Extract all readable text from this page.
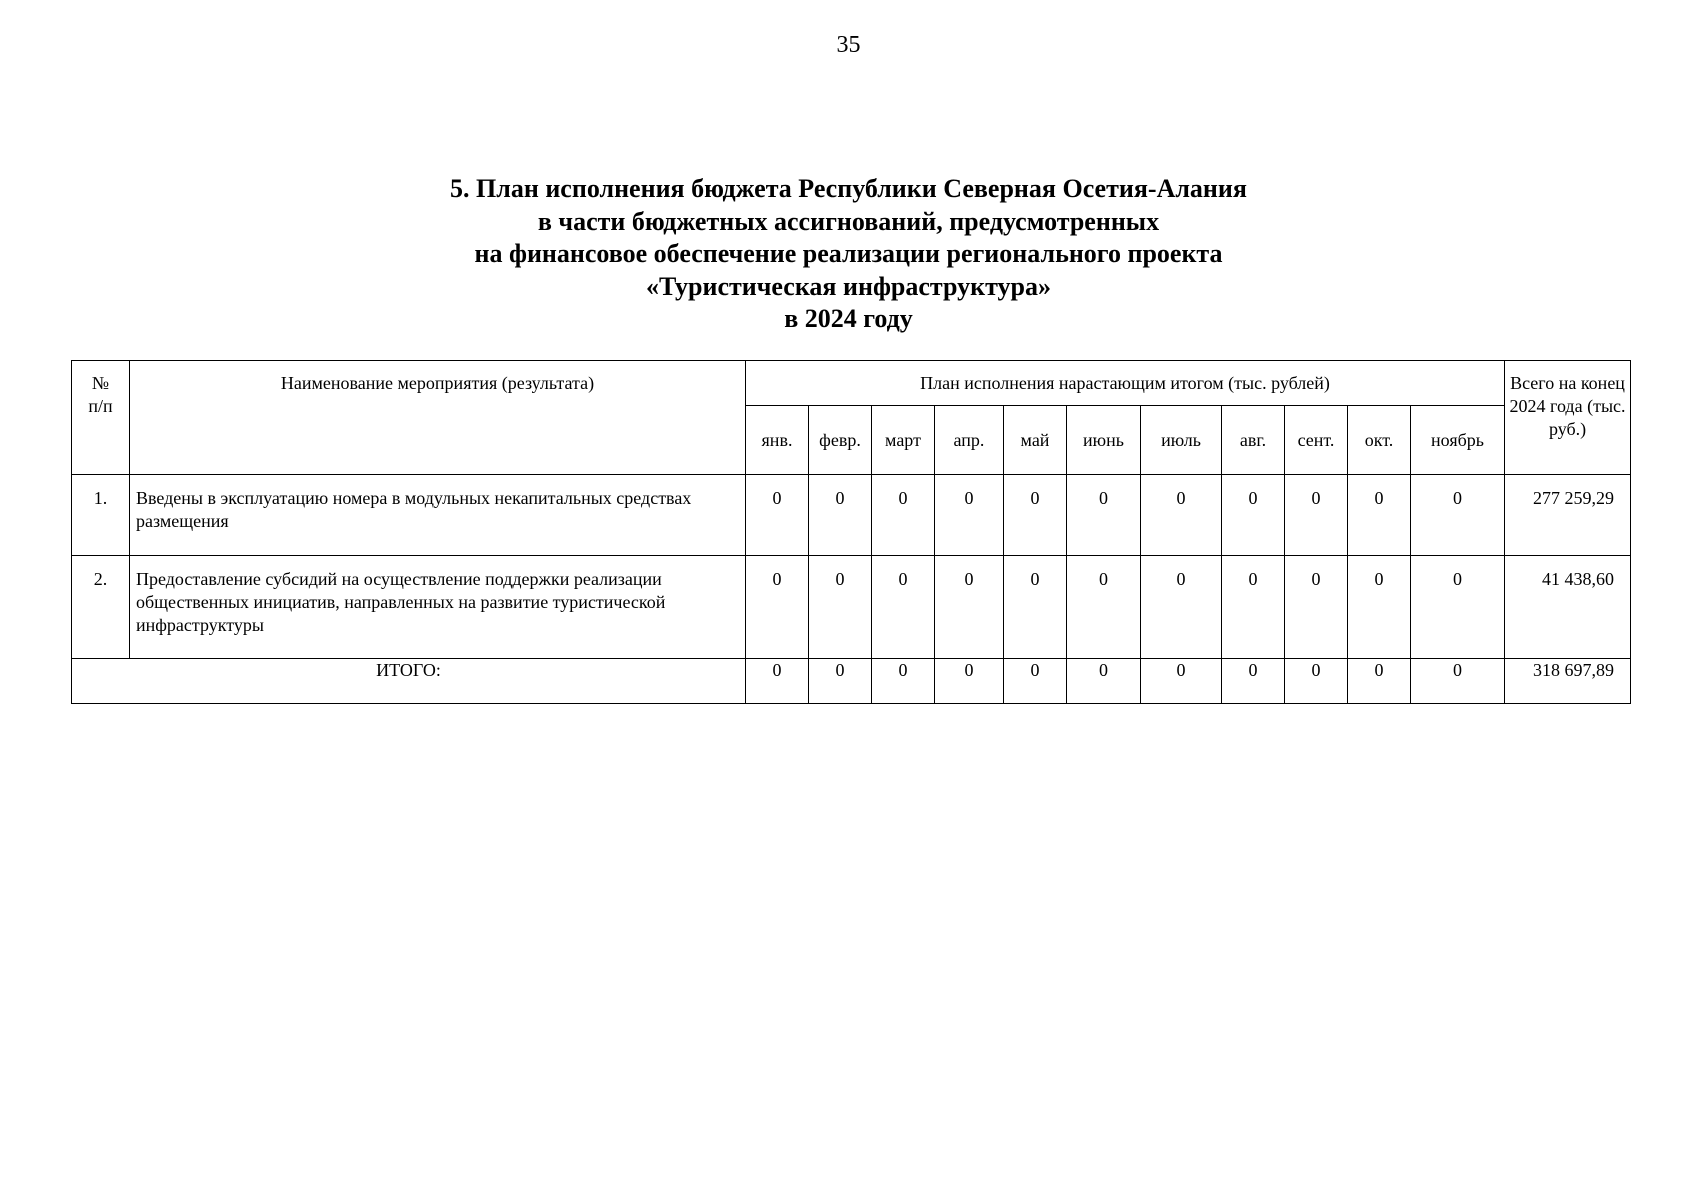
35
5. План исполнения бюджета Республики Северная Осетия-Алания
в части бюджетных ассигнований, предусмотренных
на финансовое обеспечение реализации регионального проекта
«Туристическая инфраструктура»
в 2024 году
№ п/п	Наименование мероприятия (результата)	План исполнения нарастающим итогом (тыс. рублей)											Всего на конец 2024 года (тыс. руб.)
		янв.	февр.	март	апр.	май	июнь	июль	авг.	сент.	окт.	ноябрь	
1.	Введены в эксплуатацию номера в модульных некапитальных средствах размещения	0	0	0	0	0	0	0	0	0	0	0	277 259,29
2.	Предоставление субсидий на осуществление поддержки реализации общественных инициатив, направленных на развитие туристической инфраструктуры	0	0	0	0	0	0	0	0	0	0	0	41 438,60
ИТОГО:		0	0	0	0	0	0	0	0	0	0	0	318 697,89
